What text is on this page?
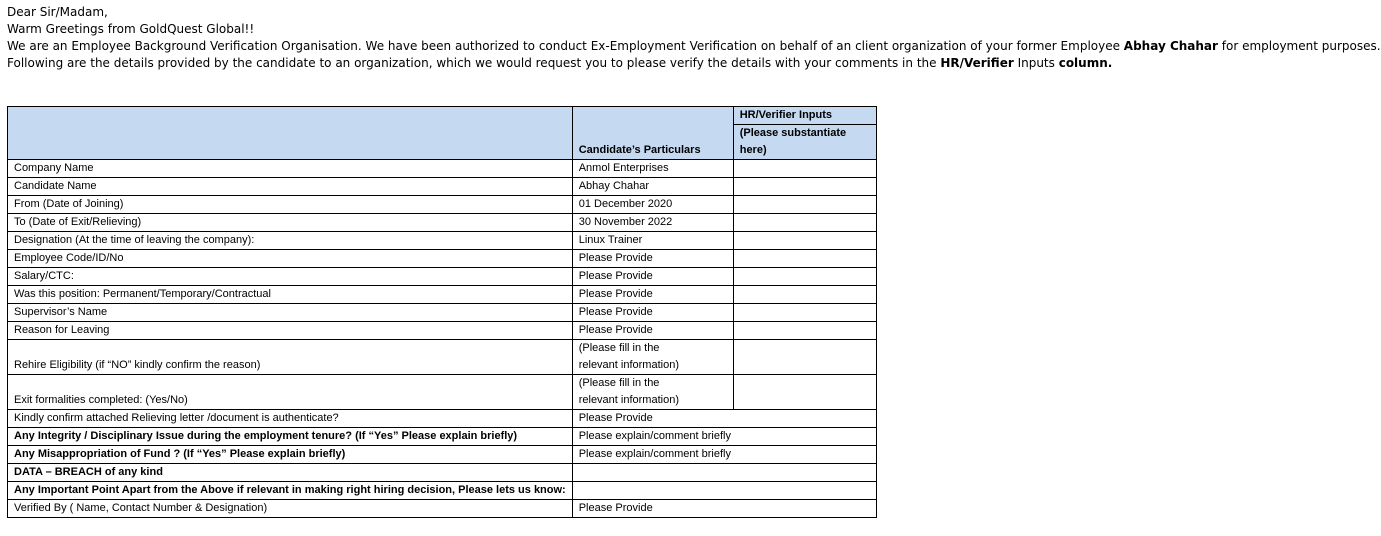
Dear Sir/Madam,

Warm Greetings from GoldQuest Global!!

We are an Employee Background Verification Organisation. We have been authorized to conduct Ex-Employment Verification on behalf of an client organization of your former Employee Abhay Chahar for employment purposes.

Following are the details provided by the candidate to an organization, which we would request you to please verify the details with your comments in the HR/Verifier Inputs column.

	Candidate’s Particulars	HR/Verifier Inputs
		(Please substantiate
		here)
Company Name	Anmol Enterprises	
Candidate Name	Abhay Chahar	
From (Date of Joining)	01 December 2020	
To (Date of Exit/Relieving)	30 November 2022	
Designation (At the time of leaving the company):	Linux Trainer	
Employee Code/ID/No	Please Provide	
Salary/CTC:	Please Provide	
Was this position: Permanent/Temporary/Contractual	Please Provide	
Supervisor’s Name	Please Provide	
Reason for Leaving	Please Provide	
Rehire Eligibility (if “NO” kindly confirm the reason)	(Please fill in the
relevant information)	
Exit formalities completed: (Yes/No)	(Please fill in the
relevant information)	
Kindly confirm attached Relieving letter /document is authenticate?	Please Provide	
Any Integrity / Disciplinary Issue during the employment tenure? (If “Yes” Please explain briefly)	Please explain/comment briefly	
Any Misappropriation of Fund ? (If “Yes” Please explain briefly)	Please explain/comment briefly	
DATA – BREACH of any kind		
Any Important Point Apart from the Above if relevant in making right hiring decision, Please lets us know:		
Verified By ( Name, Contact Number & Designation)	Please Provide	
